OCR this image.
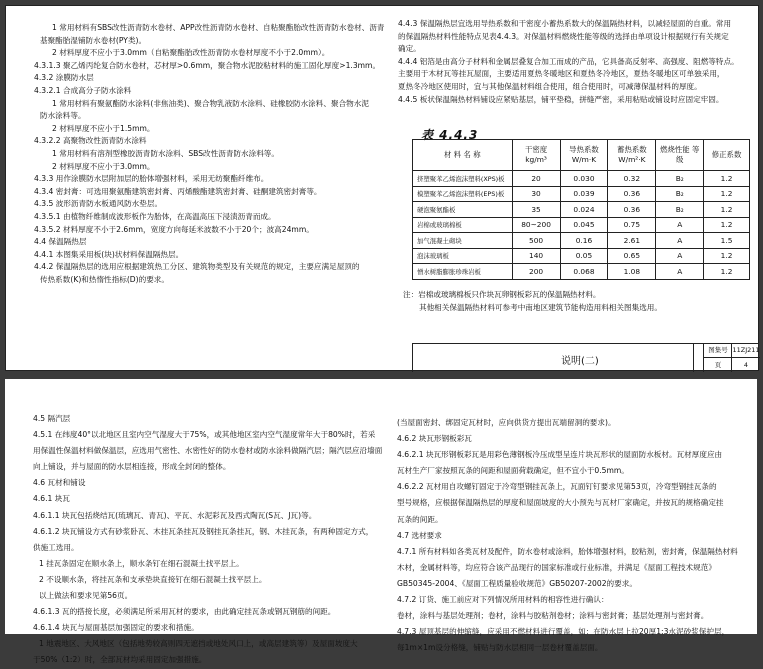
1 常用材料有SBS改性沥青防水卷材、APP改性沥青防水卷材、自粘聚酯胎改性沥青防水卷材、沥青
基聚酯胎湿铺防水卷材(PY类)。
2 材料厚度不应小于3.0mm（自粘聚酯胎改性沥青防水卷材厚度不小于2.0mm）。
4.3.1.3 聚乙烯丙纶复合防水卷材，芯材厚>0.6mm，聚合物水泥胶粘材料的施工固化厚度>1.3mm。
4.3.2 涂膜防水层
4.3.2.1 合成高分子防水涂料
1 常用材料有聚氨酯防水涂料(非焦油类)、聚合物乳液防水涂料、硅橡胶防水涂料、聚合物水泥
防水涂料等。
2 材料厚度不应小于1.5mm。
4.3.2.2 高聚物改性沥青防水涂料
1 常用材料有溶剂型橡胶沥青防水涂料、SBS改性沥青防水涂料等。
2 材料厚度不应小于3.0mm。
4.3.3 用作涂膜防水层附加层的胎体增强材料，采用无纺聚酯纤维布。
4.3.4 密封膏：可选用聚氨酯建筑密封膏、丙烯酸酯建筑密封膏、硅酮建筑密封膏等。
4.3.5 波形沥青防水板通风防水垫层。
4.3.5.1 由植物纤维制成波形板作为胎体，在高温高压下浸渍沥青而成。
4.3.5.2 材料厚度不小于2.6mm，宽度方向每延米波数不小于20个；波高24mm。
4.4 保温隔热层
4.4.1 本图集采用板(块)状材料保温隔热层。
4.4.2 保温隔热层的选用应根据建筑热工分区、建筑物类型及有关规范的规定，主要应满足屋顶的
传热系数(K)和热惰性指标(D)的要求。
4.4.3 保温隔热层宜选用导热系数和干密度小蓄热系数大的保温隔热材料，以减轻屋面的自重。常用
的保温隔热材料性能特点见表4.4.3。对保温材料燃烧性能等级的选择由单项设计根据规行有关规定
确定。
4.4.4 铝箔是由高分子材料和金属层叠复合加工而成的产品，它具备高反射率、高强度、阻燃等特点。
主要用于木材瓦等挂瓦屋面，主要适用夏热冬暖地区和夏热冬冷地区，夏热冬暖地区可单独采用，
夏热冬冷地区使用时，宜与其他保温材料组合使用，组合使用时，可减薄保温材料的厚度。
4.4.5 板状保温隔热材料铺设应紧贴基层，铺平垫稳，拼缝严密，采用粘贴或铺设时应固定牢固。
表 4.4.3
材 料 名 称	干密度 kg/m³	导热系数 W/m·K	蓄热系数 W/m²·K	燃烧性能 等级	修正系数
挤塑聚苯乙烯泡沫塑料(XPS)板	20	0.030	0.32	B₂	1.2
模塑聚苯乙烯泡沫塑料(EPS)板	30	0.039	0.36	B₂	1.2
硬泡聚氨酯板	35	0.024	0.36	B₂	1.2
岩棉或玻璃棉板	80~200	0.045	0.75	A	1.2
加气混凝土砌块	500	0.16	2.61	A	1.5
泡沫玻璃板	140	0.05	0.65	A	1.2
憎水树脂膨胀珍珠岩板	200	0.068	1.08	A	1.2
注：岩棉或玻璃棉板只作块瓦卵钢板彩瓦的保温隔热材料。
其他相关保温隔热材料可参考中南地区建筑节能构造用料相关图集选用。
说明(二)
图集号 11ZJ211
页	4
4.5 隔汽层
4.5.1 在纬度40°以北地区且室内空气湿度大于75%，或其他地区室内空气湿度常年大于80%时，若采
用保温性保温材料做保温层，应选用气密性、水密性好的防水卷材或防水涂料做隔汽层；隔汽层应沿墙面
向上铺设，并与屋面的防水层相连接，形成全封闭的整体。
4.6 瓦材和铺设
4.6.1 块瓦
4.6.1.1 块瓦包括烧结瓦(琉璃瓦、青瓦)、平瓦、水泥彩瓦及西式陶瓦(S瓦、J瓦)等。
4.6.1.2 块瓦铺设方式有砂浆卧瓦、木挂瓦条挂瓦及钢挂瓦条挂瓦，钢、木挂瓦条，有两种固定方式，
供施工选用。
1 挂瓦条固定在顺水条上，顺水条钉在细石混凝土找平层上。
2 不设顺水条，将挂瓦条和支承垫块直接钉在细石混凝土找平层上。
以上做法和要求见第56页。
4.6.1.3 瓦的搭接长度，必须满足所采用瓦材的要求，由此确定挂瓦条或钢瓦钢筋的间距。
4.6.1.4 块瓦与屋面基层加强固定的要求和措施。
1 地震地区、大风地区（包括地势较高则四无遮挡或地处风口上，或高层建筑等）及屋面坡度大
于50%（1:2）时，全部瓦材均采用固定加强措施。
(当屋面密封、绑固定瓦材时，应向供货方提出瓦端留洞的要求)。
4.6.2 块瓦形钢板彩瓦
4.6.2.1 块瓦形钢板彩瓦是用彩色薄钢板冷压成型呈连片块瓦形状的屋面防水板材。瓦材厚度应由
瓦材生产厂家按照瓦条的间距和屋面荷载确定，但不宜小于0.5mm。
4.6.2.2 瓦材用自攻螺钉固定于冷弯型钢挂瓦条上，瓦面钉钉要求见第53页，冷弯型钢挂瓦条的
型号规格，应根据保温隔热层的厚度和屋面坡度的大小预先与瓦材厂家确定，并按瓦的规格确定挂
瓦条的间距。
4.7 选材要求
4.7.1 所有材料如各类瓦材及配件，防水卷材或涂料，胎体增强材料，胶粘剂，密封膏，保温隔热材料
木材，金属材料等，均应符合该产品现行的国家标准或行业标准，并满足《屋面工程技术规范》
GB50345-2004、《屋面工程质量验收规范》GB50207-2002的要求。
4.7.2 订货、施工前应对下列情况所用材料的相容性进行确认：
卷材，涂料与基层处理剂；卷材，涂料与胶粘剂卷材；涂料与密封膏；基层处理剂与密封膏。
4.7.3 屋顶基层的伸缩缝，应采用不燃材料进行覆盖，如：在防水层上拉20厚1:3水泥砂浆保护层，
每1m×1m设分格缝，铺贴与防水层相同一层卷材覆盖层面。
